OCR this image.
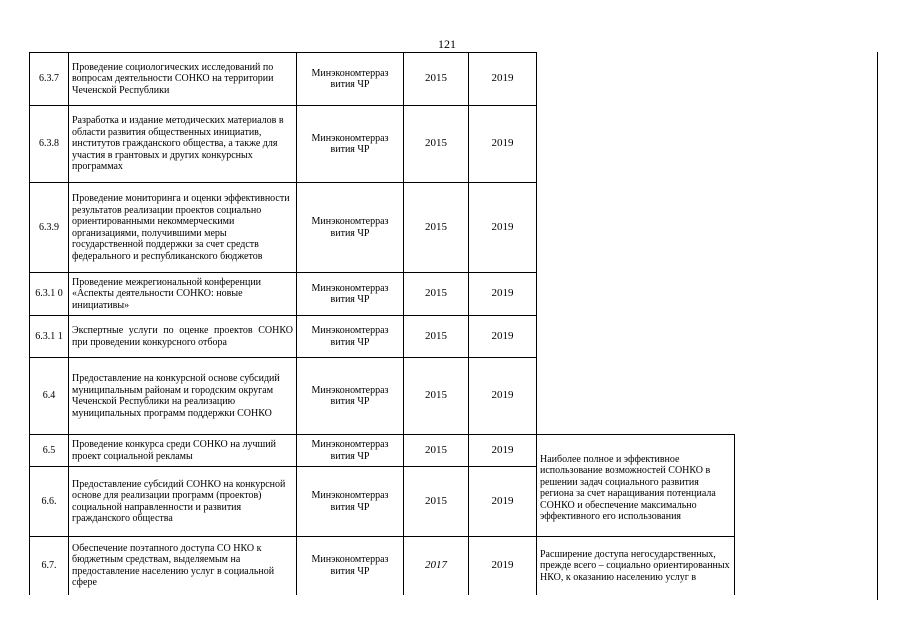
121
6.3.7	Проведение социологических исследований по вопросам деятельности СОНКО на территории Чеченской Республики	Минэкономтерраз вития ЧР	2015	2019	
6.3.8	Разработка и издание методических материалов в области развития общественных инициатив, институтов гражданского общества, а также для участия в грантовых и других конкурсных программах	Минэкономтерраз вития ЧР	2015	2019	
6.3.9	Проведение мониторинга и оценки эффективности результатов реализации проектов социально ориентированными некоммерческими организациями, получившими меры государственной поддержки за счет средств федерального и республиканского бюджетов	Минэкономтерраз вития ЧР	2015	2019	
6.3.1 0	Проведение межрегиональной конференции «Аспекты деятельности СОНКО: новые инициативы»	Минэкономтерраз вития ЧР	2015	2019	
6.3.1 1	Экспертные услуги по оценке проектов СОНКО при проведении конкурсного отбора	Минэкономтерраз вития ЧР	2015	2019	
6.4	Предоставление на конкурсной основе субсидий муниципальным районам и городским округам Чеченской Республики на реализацию муниципальных программ поддержки СОНКО	Минэкономтерраз вития ЧР	2015	2019	
6.5	Проведение конкурса среди СОНКО на лучший проект социальной рекламы	Минэкономтерраз вития ЧР	2015	2019	Наиболее полное и эффективное использование возможностей СОНКО в решении задач социального развития региона за счет наращивания потенциала СОНКО и обеспечение максимально эффективного его использования
6.6.	Предоставление субсидий СОНКО на конкурсной основе для реализации программ (проектов) социальной направленности и развития гражданского общества	Минэкономтерраз вития ЧР	2015	2019	
6.7.	Обеспечение поэтапного доступа СО НКО к бюджетным средствам, выделяемым на предоставление населению услуг в социальной сфере	Минэкономтерраз вития ЧР	2017	2019	Расширение доступа негосударственных, прежде всего – социально ориентированных НКО, к оказанию населению услуг в
